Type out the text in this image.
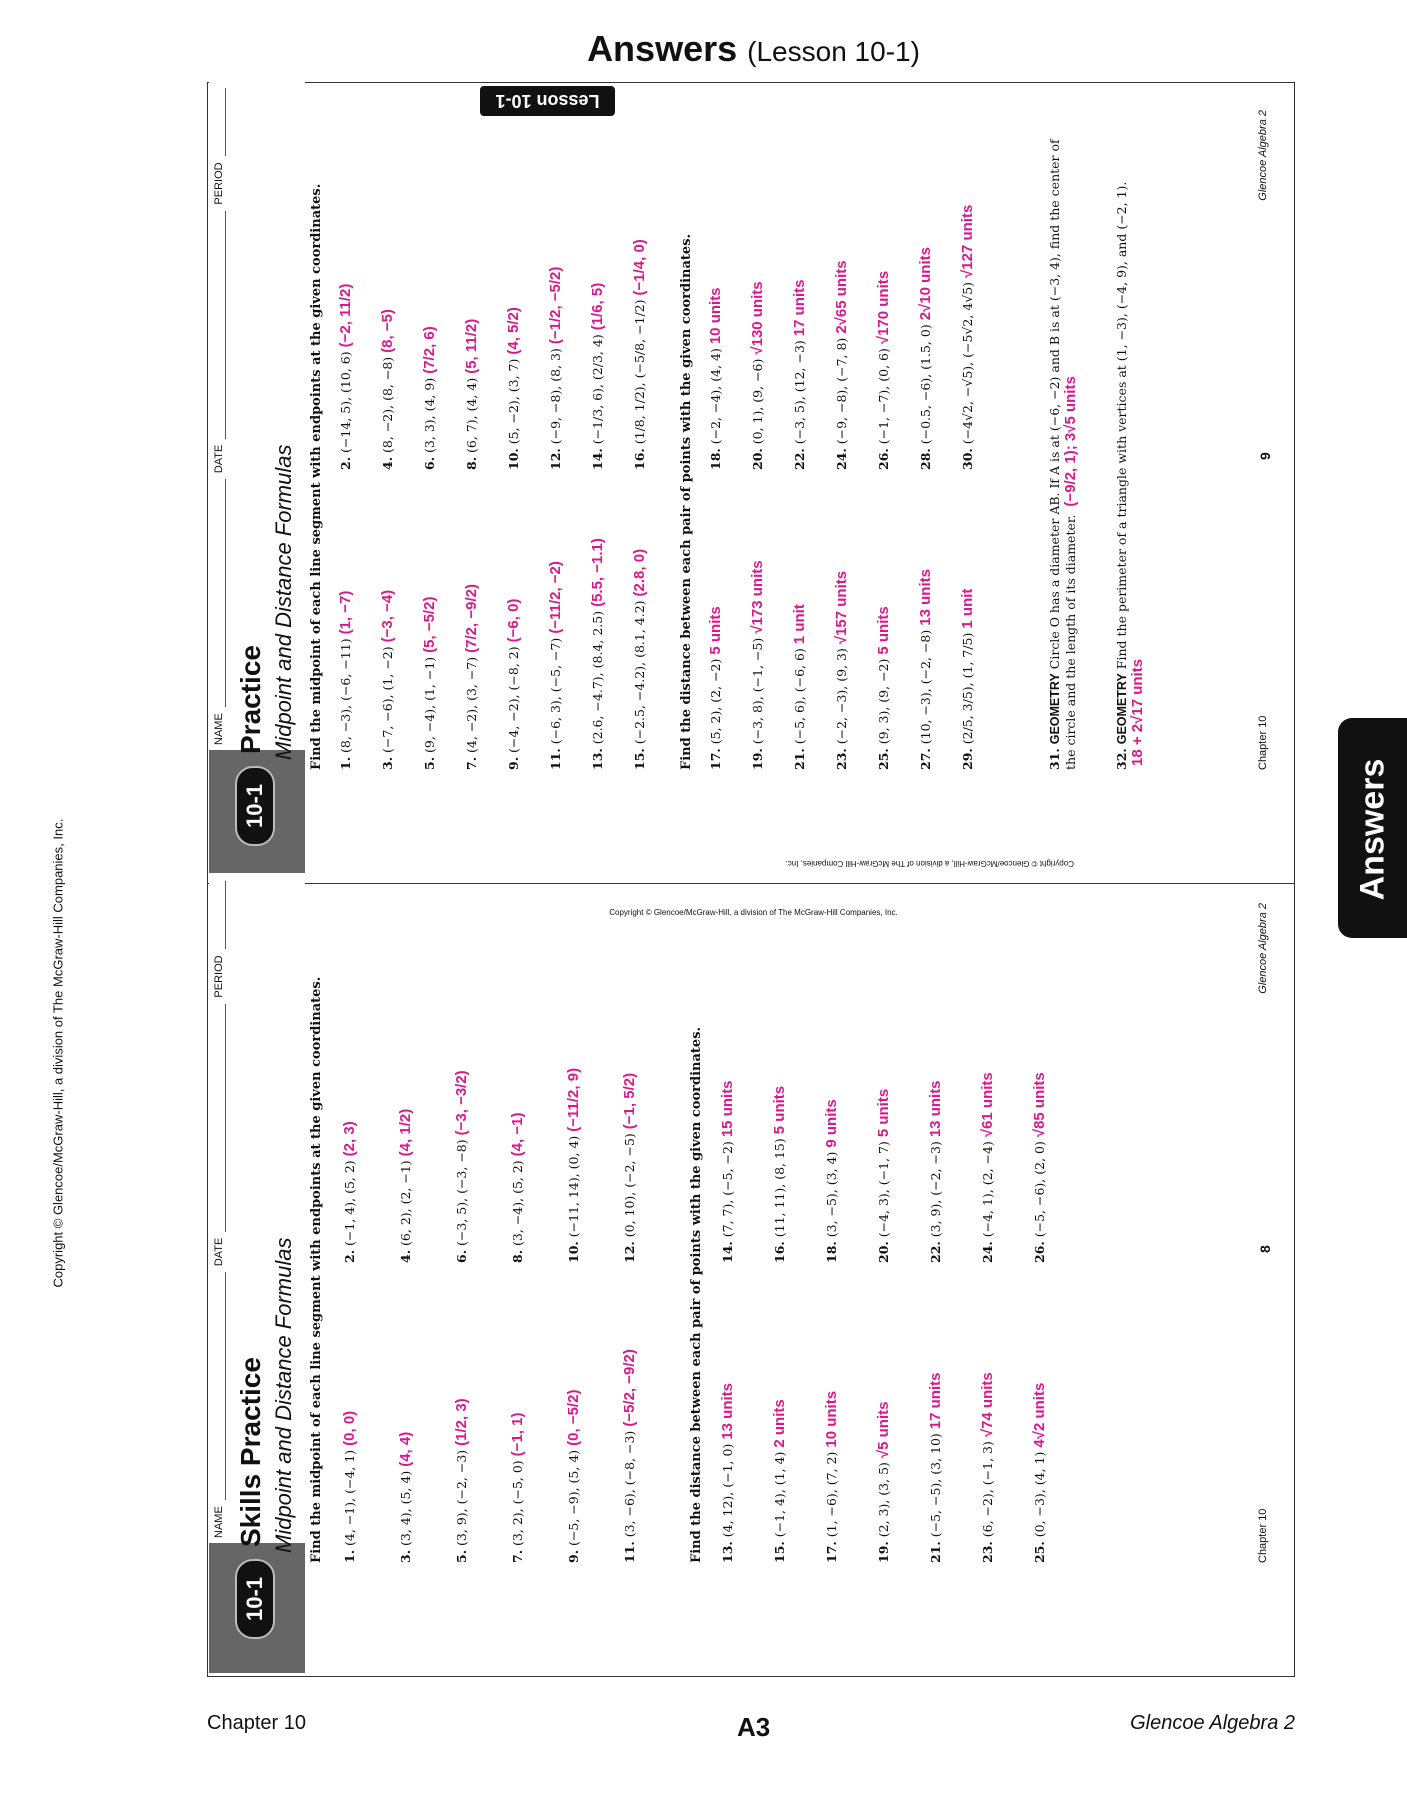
Answers (Lesson 10-1)
Copyright © Glencoe/McGraw-Hill, a division of The McGraw-Hill Companies, Inc.
Lesson 10-1
Answers
Copyright © Glencoe/McGraw-Hill, a division of The McGraw-Hill Companies, Inc.
Copyright © Glencoe/McGraw-Hill, a division of The McGraw-Hill Companies, Inc.
NAME
DATE
PERIOD
10-1
Practice Midpoint and Distance Formulas Find the midpoint of each line segment with endpoints at the given coordinates. 1. (8, −3), (−6, −11)(1, −7)
2. (−14, 5), (10, 6)(−2, 11/2)
3. (−7, −6), (1, −2)(−3, −4)
4. (8, −2), (8, −8)(8, −5)
5. (9, −4), (1, −1)(5, −5/2)
6. (3, 3), (4, 9)(7/2, 6)
7. (4, −2), (3, −7)(7/2, −9/2)
8. (6, 7), (4, 4)(5, 11/2)
9. (−4, −2), (−8, 2)(−6, 0)
10. (5, −2), (3, 7)(4, 5/2)
11. (−6, 3), (−5, −7)(−11/2, −2)
12. (−9, −8), (8, 3)(−1/2, −5/2)
13. (2.6, −4.7), (8.4, 2.5)(5.5, −1.1)
14. (−1/3, 6), (2/3, 4)(1/6, 5)
15. (−2.5, −4.2), (8.1, 4.2)(2.8, 0)
16. (1/8, 1/2), (−5/8, −1/2)(−1/4, 0) Find the distance between each pair of points with the given coordinates. 17. (5, 2), (2, −2)5 units
18. (−2, −4), (4, 4)10 units
19. (−3, 8), (−1, −5)√173 units
20. (0, 1), (9, −6)√130 units
21. (−5, 6), (−6, 6)1 unit
22. (−3, 5), (12, −3)17 units
23. (−2, −3), (9, 3)√157 units
24. (−9, −8), (−7, 8)2√65 units
25. (9, 3), (9, −2)5 units
26. (−1, −7), (0, 6)√170 units
27. (10, −3), (−2, −8)13 units
28. (−0.5, −6), (1.5, 0)2√10 units
29. (2/5, 3/5), (1, 7/5)1 unit
30. (−4√2, −√5), (−5√2, 4√5)√127 units
31. GEOMETRY Circle O has a diameter AB. If A is at (−6, −2) and B is at (−3, 4), find the center of the circle and the length of its diameter. (−9/2, 1); 3√5 units
32. GEOMETRY Find the perimeter of a triangle with vertices at (1, −3), (−4, 9), and (−2, 1).
18 + 2√17 units	Chapter 10
9
Glencoe Algebra 2
NAME
DATE
PERIOD
10-1
Skills Practice Midpoint and Distance Formulas Find the midpoint of each line segment with endpoints at the given coordinates. 1. (4, −1), (−4, 1)(0, 0)
2. (−1, 4), (5, 2)(2, 3)
3. (3, 4), (5, 4)(4, 4)
4. (6, 2), (2, −1)(4, 1/2)
5. (3, 9), (−2, −3)(1/2, 3)
6. (−3, 5), (−3, −8)(−3, −3/2)
7. (3, 2), (−5, 0)(−1, 1)
8. (3, −4), (5, 2)(4, −1)
9. (−5, −9), (5, 4)(0, −5/2)
10. (−11, 14), (0, 4)(−11/2, 9)
11. (3, −6), (−8, −3)(−5/2, −9/2)
12. (0, 10), (−2, −5)(−1, 5/2)	Find the distance between each pair of points with the given coordinates. 13. (4, 12), (−1, 0)13 units
14. (7, 7), (−5, −2)15 units
15. (−1, 4), (1, 4)2 units
16. (11, 11), (8, 15)5 units
17. (1, −6), (7, 2)10 units
18. (3, −5), (3, 4)9 units
19. (2, 3), (3, 5)√5 units
20. (−4, 3), (−1, 7)5 units
21. (−5, −5), (3, 10)17 units
22. (3, 9), (−2, −3)13 units
23. (6, −2), (−1, 3)√74 units
24. (−4, 1), (2, −4)√61 units
25. (0, −3), (4, 1)4√2 units
26. (−5, −6), (2, 0)√85 units
Chapter 10
8
Glencoe Algebra 2
Chapter 10	A3	Glencoe Algebra 2
